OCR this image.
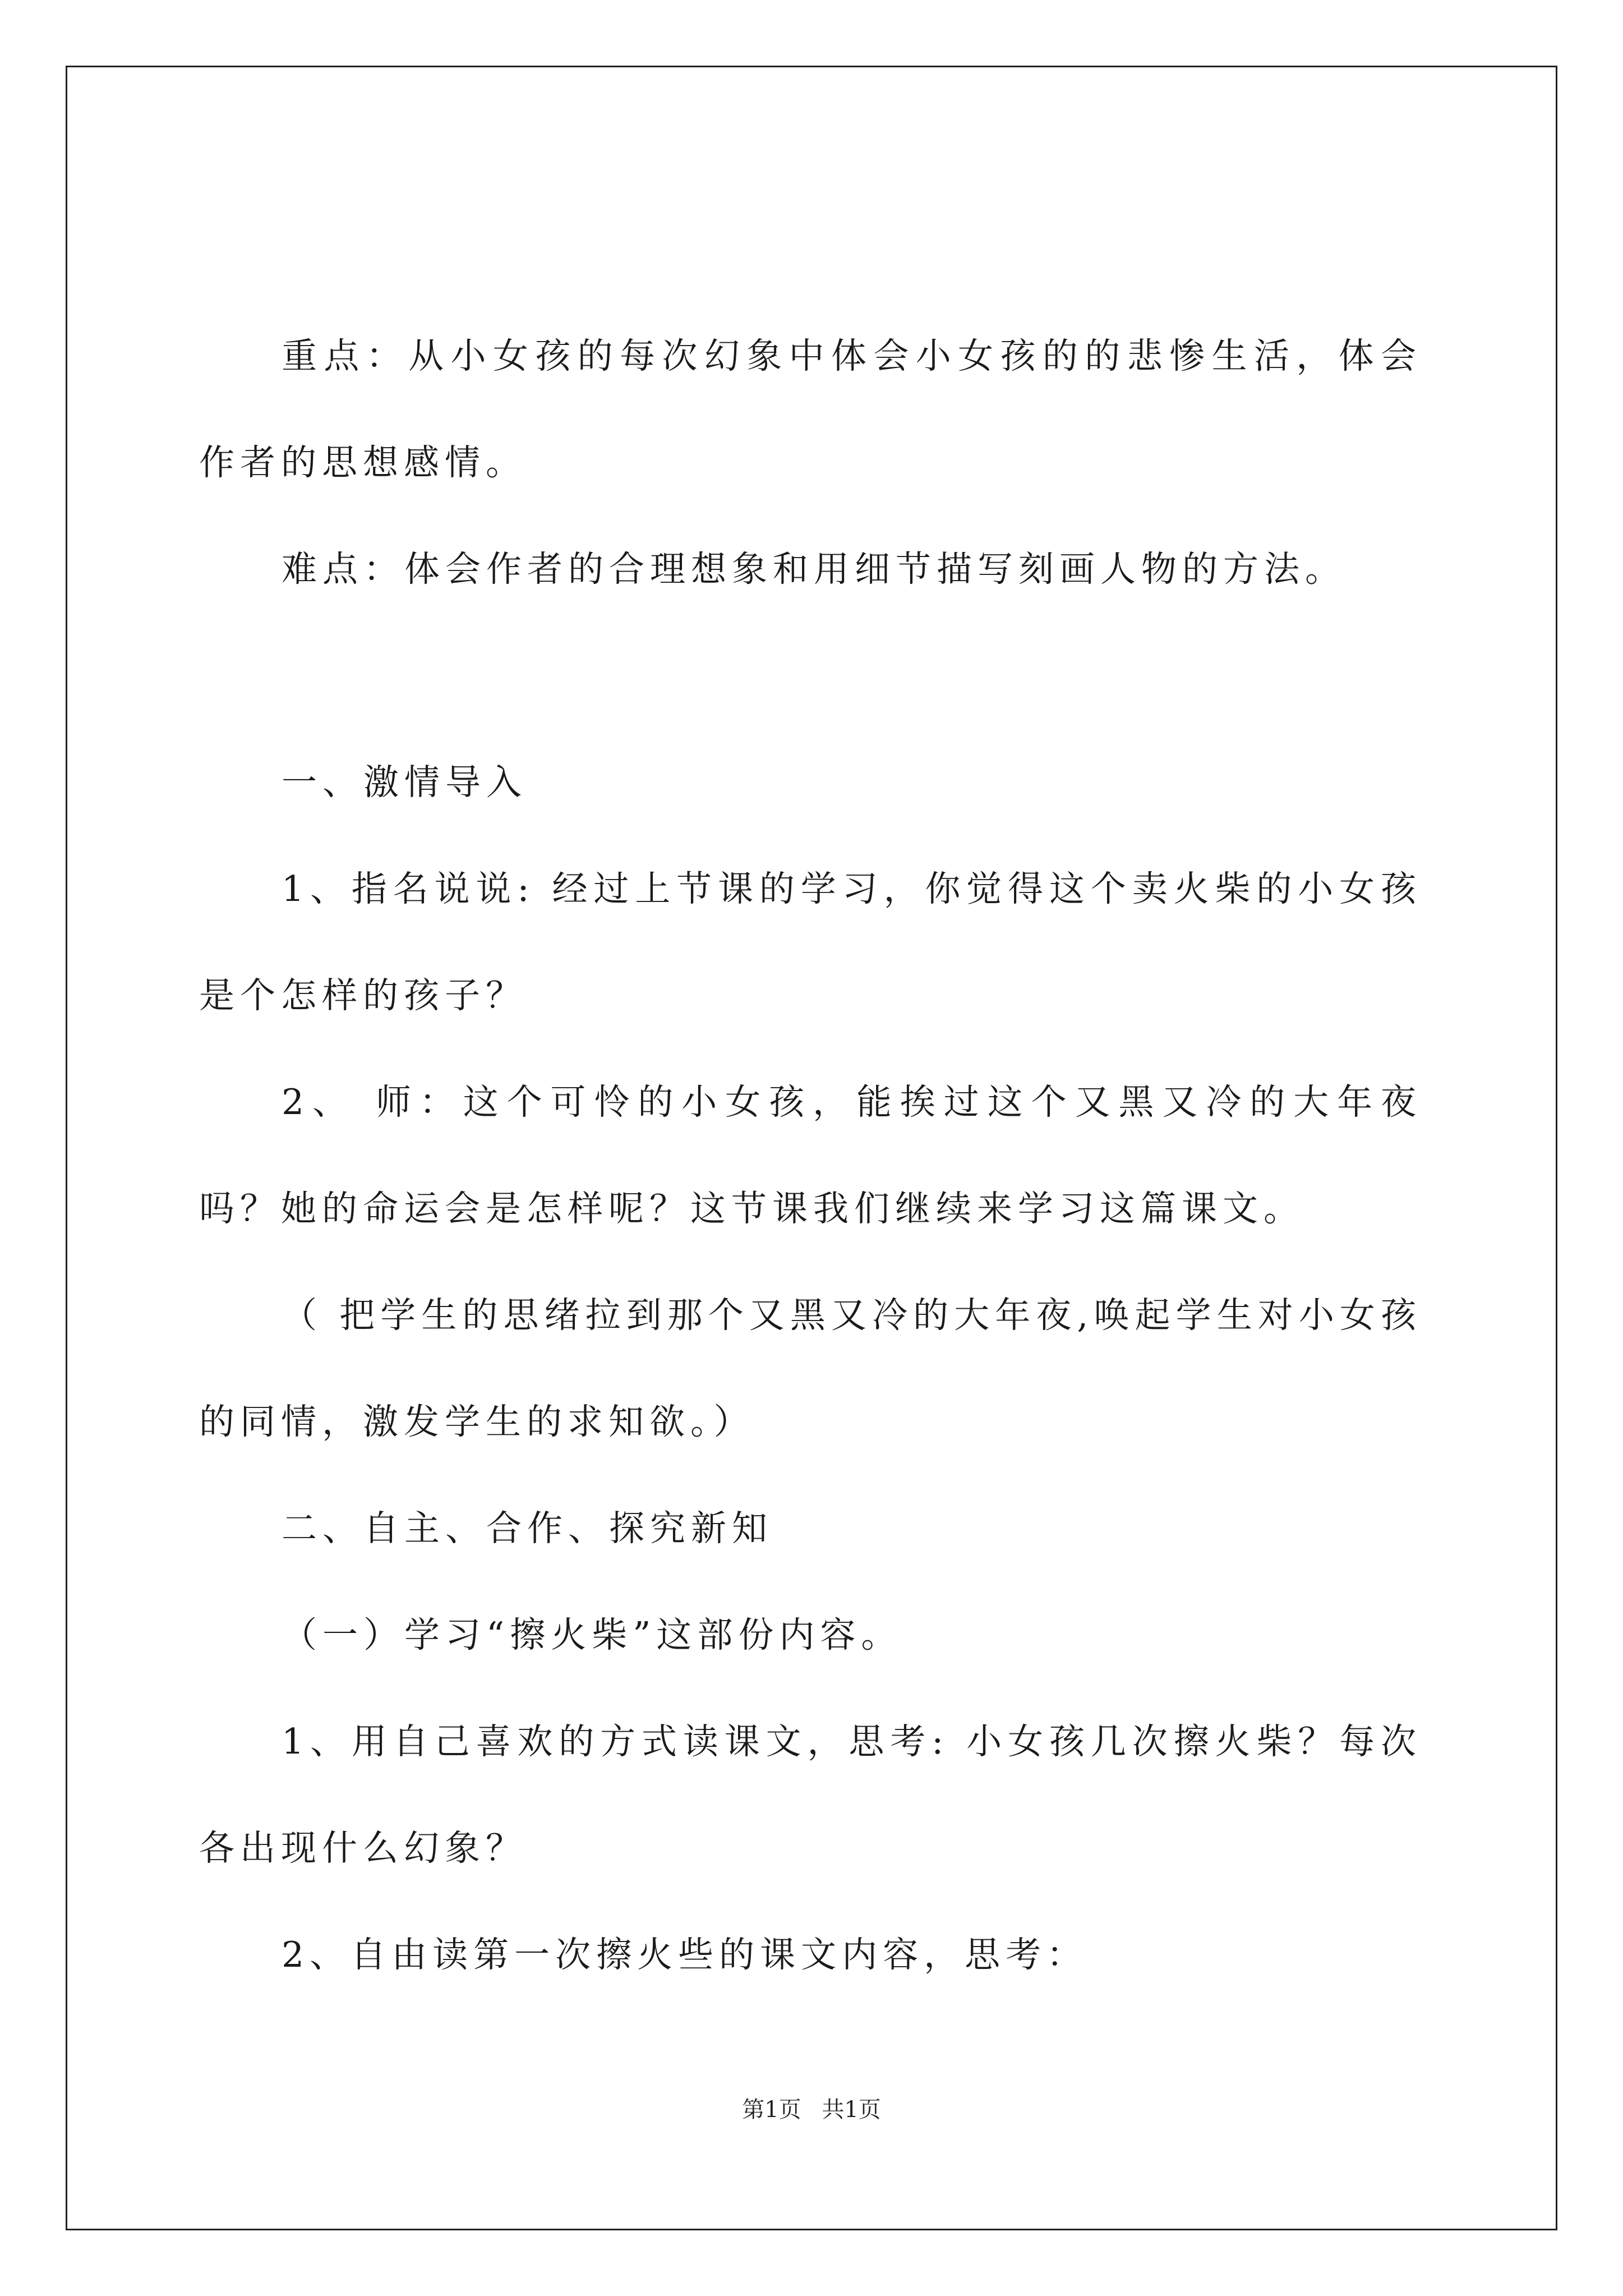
重点：从小女孩的每次幻象中体会小女孩的的悲惨生活，体会作者的思想感情。

难点：体会作者的合理想象和用细节描写刻画人物的方法。

一、激情导入

1、指名说说: 经过上节课的学习，你觉得这个卖火柴的小女孩是个怎样的孩子？

2、 师：这个可怜的小女孩，能挨过这个又黑又冷的大年夜吗？她的命运会是怎样呢？这节课我们继续来学习这篇课文。

（ 把学生的思绪拉到那个又黑又冷的大年夜,唤起学生对小女孩的同情，激发学生的求知欲。）

二、自主、合作、探究新知

（一）学习“擦火柴”这部份内容。

1、用自己喜欢的方式读课文，思考: 小女孩几次擦火柴？每次各出现什么幻象？

2、自由读第一次擦火些的课文内容，思考：

第1页 共1页
